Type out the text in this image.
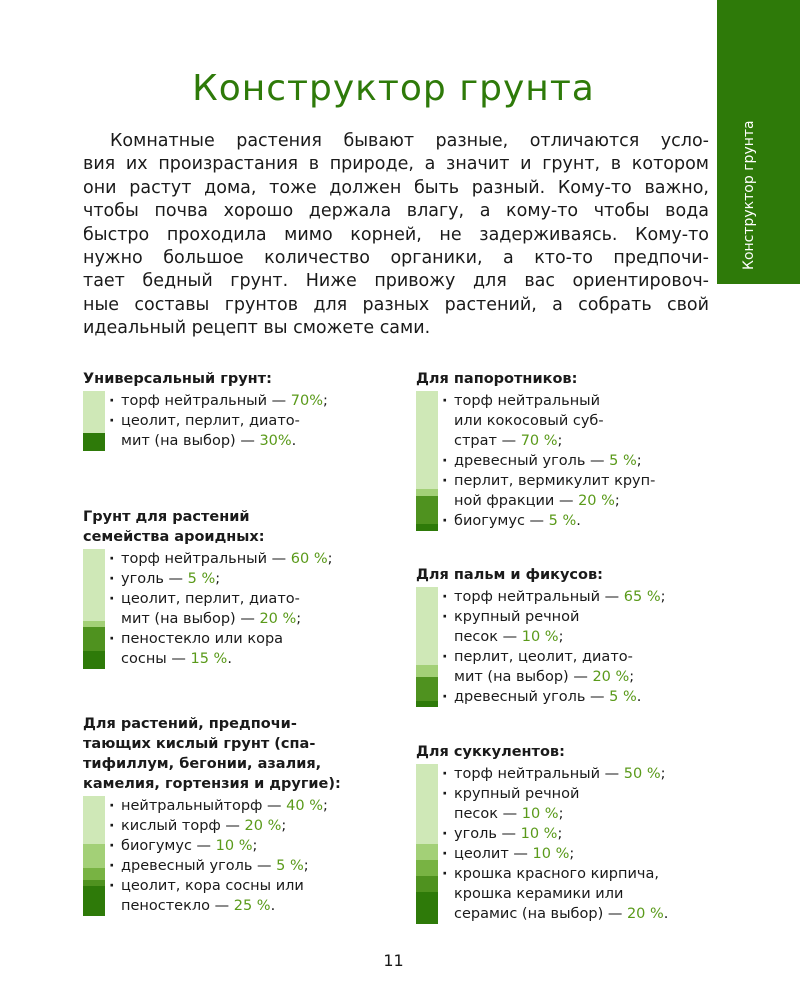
Конструктор грунта
Конструктор грунта
Комнатные растения бывают разные, отличаются усло-
вия их произрастания в природе, а значит и грунт, в котором
они растут дома, тоже должен быть разный. Кому-то важно,
чтобы почва хорошо держала влагу, а кому-то чтобы вода
быстро проходила мимо корней, не задерживаясь. Кому-то
нужно большое количество органики, а кто-то предпочи-
тает бедный грунт. Ниже привожу для вас ориентировоч-
ные составы грунтов для разных растений, а собрать свой
идеальный рецепт вы сможете сами.
Универсальный грунт:
· торф нейтральный — 70%;
· цеолит, перлит, диато-
мит (на выбор) — 30%.
Грунт для растений
семейства ароидных:
· торф нейтральный — 60 %;
· уголь — 5 %;
· цеолит, перлит, диато-
мит (на выбор) — 20 %;
· пеностекло или кора
сосны — 15 %.
Для растений, предпочи-
тающих кислый грунт (спа-
тифиллум, бегонии, азалия,
камелия, гортензия и другие):
· нейтральныйторф — 40 %;
· кислый торф — 20 %;
· биогумус — 10 %;
· древесный уголь — 5 %;
· цеолит, кора сосны или
пеностекло — 25 %.
Для папоротников:
· торф нейтральный
или кокосовый суб-
страт — 70 %;
· древесный уголь — 5 %;
· перлит, вермикулит круп-
ной фракции — 20 %;
· биогумус — 5 %.
Для пальм и фикусов:
· торф нейтральный — 65 %;
· крупный речной
песок — 10 %;
· перлит, цеолит, диато-
мит (на выбор) — 20 %;
· древесный уголь — 5 %.
Для суккулентов:
· торф нейтральный — 50 %;
· крупный речной
песок — 10 %;
· уголь — 10 %;
· цеолит — 10 %;
· крошка красного кирпича,
крошка керамики или
серамис (на выбор) — 20 %.
11
